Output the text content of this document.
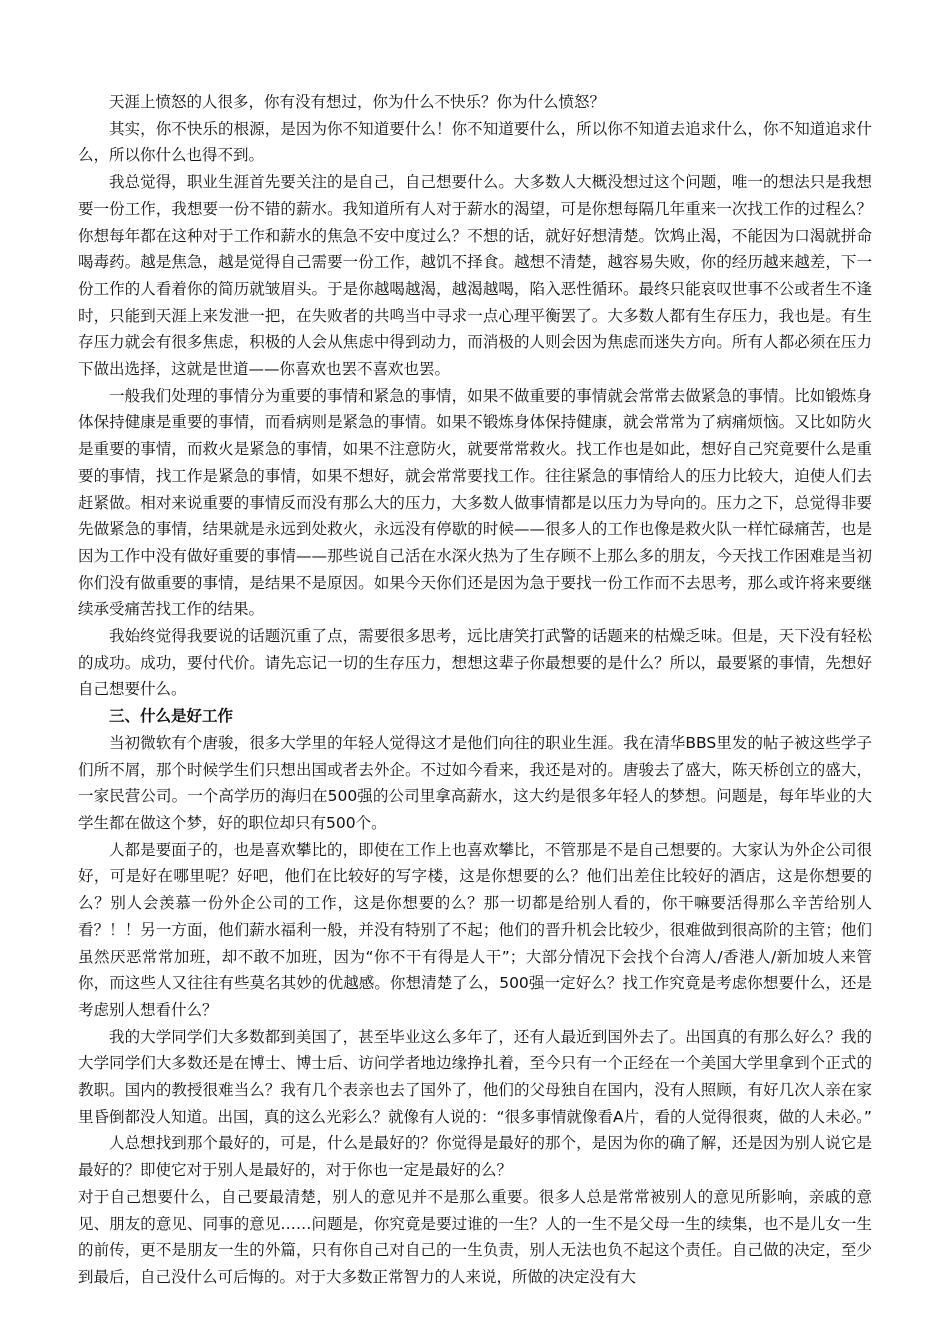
天涯上愤怒的人很多，你有没有想过，你为什么不快乐？你为什么愤怒？

其实，你不快乐的根源，是因为你不知道要什么！你不知道要什么，所以你不知道去追求什么，你不知道追求什么，所以你什么也得不到。

我总觉得，职业生涯首先要关注的是自己，自己想要什么。大多数人大概没想过这个问题，唯一的想法只是我想要一份工作，我想要一份不错的薪水。我知道所有人对于薪水的渴望，可是你想每隔几年重来一次找工作的过程么？你想每年都在这种对于工作和薪水的焦急不安中度过么？不想的话，就好好想清楚。饮鸩止渴，不能因为口渴就拼命喝毒药。越是焦急，越是觉得自己需要一份工作，越饥不择食。越想不清楚，越容易失败，你的经历越来越差，下一份工作的人看着你的简历就皱眉头。于是你越喝越渴，越渴越喝，陷入恶性循环。最终只能哀叹世事不公或者生不逢时，只能到天涯上来发泄一把，在失败者的共鸣当中寻求一点心理平衡罢了。大多数人都有生存压力，我也是。有生存压力就会有很多焦虑，积极的人会从焦虑中得到动力，而消极的人则会因为焦虑而迷失方向。所有人都必须在压力下做出选择，这就是世道——你喜欢也罢不喜欢也罢。

一般我们处理的事情分为重要的事情和紧急的事情，如果不做重要的事情就会常常去做紧急的事情。比如锻炼身体保持健康是重要的事情，而看病则是紧急的事情。如果不锻炼身体保持健康，就会常常为了病痛烦恼。又比如防火是重要的事情，而救火是紧急的事情，如果不注意防火，就要常常救火。找工作也是如此，想好自己究竟要什么是重要的事情，找工作是紧急的事情，如果不想好，就会常常要找工作。往往紧急的事情给人的压力比较大，迫使人们去赶紧做。相对来说重要的事情反而没有那么大的压力，大多数人做事情都是以压力为导向的。压力之下，总觉得非要先做紧急的事情，结果就是永远到处救火，永远没有停歇的时候——很多人的工作也像是救火队一样忙碌痛苦，也是因为工作中没有做好重要的事情——那些说自己活在水深火热为了生存顾不上那么多的朋友，今天找工作困难是当初你们没有做重要的事情，是结果不是原因。如果今天你们还是因为急于要找一份工作而不去思考，那么或许将来要继续承受痛苦找工作的结果。

我始终觉得我要说的话题沉重了点，需要很多思考，远比唐笑打武警的话题来的枯燥乏味。但是，天下没有轻松的成功。成功，要付代价。请先忘记一切的生存压力，想想这辈子你最想要的是什么？所以，最要紧的事情，先想好自己想要什么。

三、什么是好工作

当初微软有个唐骏，很多大学里的年轻人觉得这才是他们向往的职业生涯。我在清华BBS里发的帖子被这些学子们所不屑，那个时候学生们只想出国或者去外企。不过如今看来，我还是对的。唐骏去了盛大，陈天桥创立的盛大，一家民营公司。一个高学历的海归在500强的公司里拿高薪水，这大约是很多年轻人的梦想。问题是，每年毕业的大学生都在做这个梦，好的职位却只有500个。

人都是要面子的，也是喜欢攀比的，即使在工作上也喜欢攀比，不管那是不是自己想要的。大家认为外企公司很好，可是好在哪里呢？好吧，他们在比较好的写字楼，这是你想要的么？他们出差住比较好的酒店，这是你想要的么？别人会羡慕一份外企公司的工作，这是你想要的么？那一切都是给别人看的，你干嘛要活得那么辛苦给别人看？！！另一方面，他们薪水福利一般，并没有特别了不起；他们的晋升机会比较少，很难做到很高阶的主管；他们虽然厌恶常常加班，却不敢不加班，因为“你不干有得是人干”；大部分情况下会找个台湾人/香港人/新加坡人来管你，而这些人又往往有些莫名其妙的优越感。你想清楚了么，500强一定好么？找工作究竟是考虑你想要什么，还是考虑别人想看什么？

我的大学同学们大多数都到美国了，甚至毕业这么多年了，还有人最近到国外去了。出国真的有那么好么？我的大学同学们大多数还是在博士、博士后、访问学者地边缘挣扎着，至今只有一个正经在一个美国大学里拿到个正式的教职。国内的教授很难当么？我有几个表亲也去了国外了，他们的父母独自在国内，没有人照顾，有好几次人亲在家里昏倒都没人知道。出国，真的这么光彩么？就像有人说的：“很多事情就像看A片，看的人觉得很爽，做的人未必。”

人总想找到那个最好的，可是，什么是最好的？你觉得是最好的那个，是因为你的确了解，还是因为别人说它是最好的？即使它对于别人是最好的，对于你也一定是最好的么？

对于自己想要什么，自己要最清楚，别人的意见并不是那么重要。很多人总是常常被别人的意见所影响，亲戚的意见、朋友的意见、同事的意见……问题是，你究竟是要过谁的一生？人的一生不是父母一生的续集，也不是儿女一生的前传，更不是朋友一生的外篇，只有你自己对自己的一生负责，别人无法也负不起这个责任。自己做的决定，至少到最后，自己没什么可后悔的。对于大多数正常智力的人来说，所做的决定没有大
